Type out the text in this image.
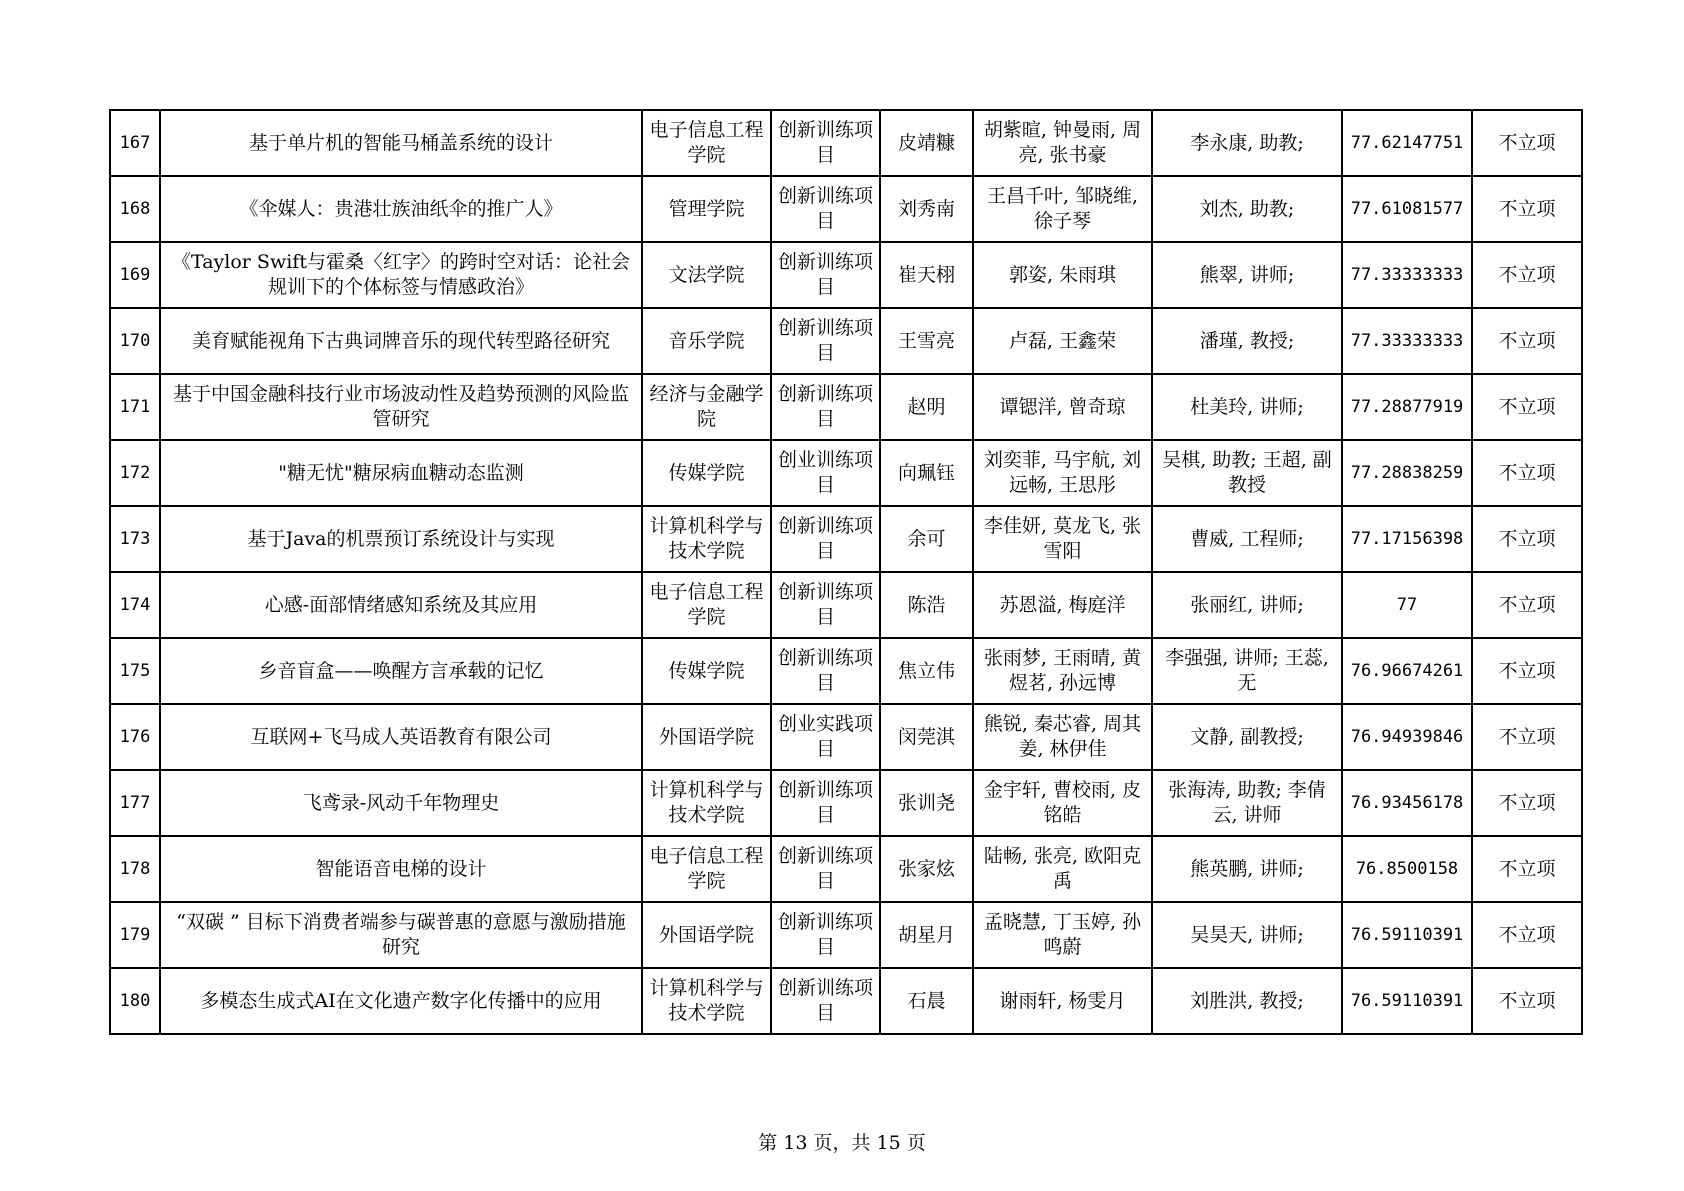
167	基于单片机的智能马桶盖系统的设计	电子信息工程学院	创新训练项目	皮靖糠	胡紫暄, 钟曼雨, 周亮, 张书豪	李永康, 助教;	77.62147751	不立项
168	《伞媒人：贵港壮族油纸伞的推广人》	管理学院	创新训练项目	刘秀南	王昌千叶, 邹晓维, 徐子琴	刘杰, 助教;	77.61081577	不立项
169	《Taylor Swift与霍桑〈红字〉的跨时空对话：论社会规训下的个体标签与情感政治》	文法学院	创新训练项目	崔天栩	郭姿, 朱雨琪	熊翠, 讲师;	77.33333333	不立项
170	美育赋能视角下古典词牌音乐的现代转型路径研究	音乐学院	创新训练项目	王雪亮	卢磊, 王鑫荣	潘瑾, 教授;	77.33333333	不立项
171	基于中国金融科技行业市场波动性及趋势预测的风险监管研究	经济与金融学院	创新训练项目	赵明	谭锶洋, 曾奇琼	杜美玲, 讲师;	77.28877919	不立项
172	"糖无忧"糖尿病血糖动态监测	传媒学院	创业训练项目	向珮钰	刘奕菲, 马宇航, 刘远畅, 王思彤	吴棋, 助教; 王超, 副教授	77.28838259	不立项
173	基于Java的机票预订系统设计与实现	计算机科学与技术学院	创新训练项目	余可	李佳妍, 莫龙飞, 张雪阳	曹威, 工程师;	77.17156398	不立项
174	心感-面部情绪感知系统及其应用	电子信息工程学院	创新训练项目	陈浩	苏恩溢, 梅庭洋	张丽红, 讲师;	77	不立项
175	乡音盲盒——唤醒方言承载的记忆	传媒学院	创新训练项目	焦立伟	张雨梦, 王雨晴, 黄煜茗, 孙远博	李强强, 讲师; 王蕊, 无	76.96674261	不立项
176	互联网+飞马成人英语教育有限公司	外国语学院	创业实践项目	闵莞淇	熊锐, 秦芯睿, 周其姜, 林伊佳	文静, 副教授;	76.94939846	不立项
177	飞鸢录-风动千年物理史	计算机科学与技术学院	创新训练项目	张训尧	金宇轩, 曹校雨, 皮铭皓	张海涛, 助教; 李倩云, 讲师	76.93456178	不立项
178	智能语音电梯的设计	电子信息工程学院	创新训练项目	张家炫	陆畅, 张亮, 欧阳克禹	熊英鹏, 讲师;	76.8500158	不立项
179	“双碳 ” 目标下消费者端参与碳普惠的意愿与激励措施研究	外国语学院	创新训练项目	胡星月	孟晓慧, 丁玉婷, 孙鸣蔚	吴昊天, 讲师;	76.59110391	不立项
180	多模态生成式AI在文化遗产数字化传播中的应用	计算机科学与技术学院	创新训练项目	石晨	谢雨轩, 杨雯月	刘胜洪, 教授;	76.59110391	不立项
第 13 页，共 15 页
